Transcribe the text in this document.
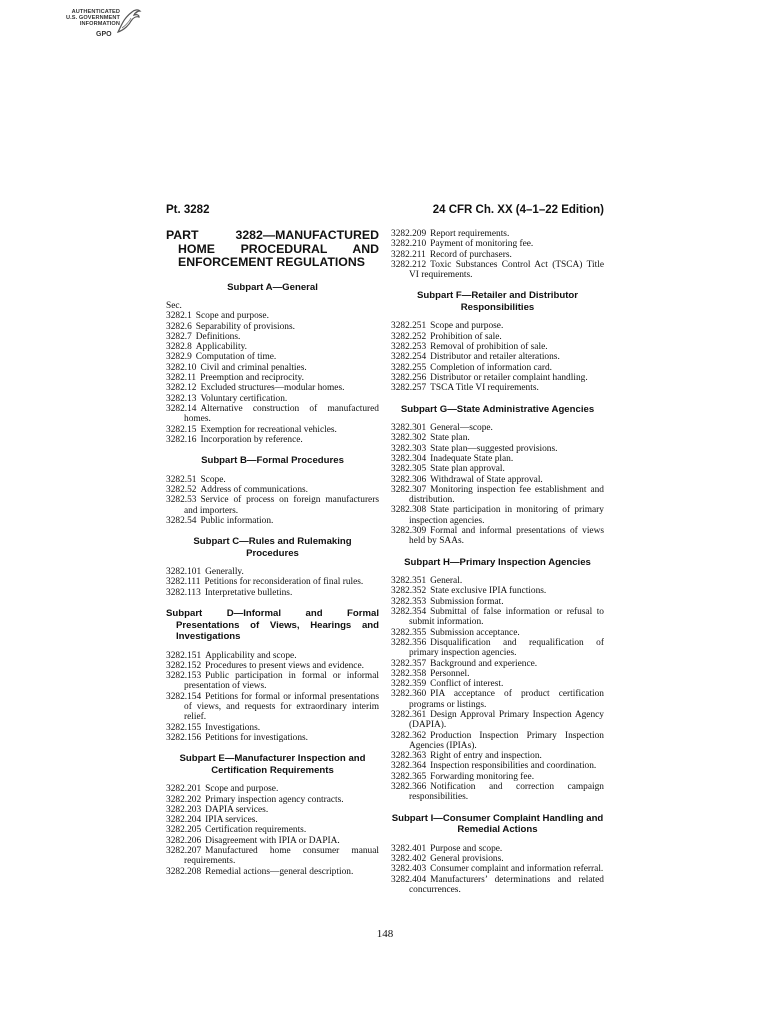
AUTHENTICATED
U.S. GOVERNMENT
INFORMATION
GPO
Pt. 3282	24 CFR Ch. XX (4–1–22 Edition)
PART 3282—MANUFACTURED HOME PROCEDURAL AND ENFORCEMENT REGULATIONS
Subpart A—General
Sec.
3282.1 Scope and purpose.
3282.6 Separability of provisions.
3282.7 Definitions.
3282.8 Applicability.
3282.9 Computation of time.
3282.10 Civil and criminal penalties.
3282.11 Preemption and reciprocity.
3282.12 Excluded structures—modular homes.
3282.13 Voluntary certification.
3282.14 Alternative construction of manufactured homes.
3282.15 Exemption for recreational vehicles.
3282.16 Incorporation by reference.
Subpart B—Formal Procedures
3282.51 Scope.
3282.52 Address of communications.
3282.53 Service of process on foreign manufacturers and importers.
3282.54 Public information.
Subpart C—Rules and Rulemaking Procedures
3282.101 Generally.
3282.111 Petitions for reconsideration of final rules.
3282.113 Interpretative bulletins.
Subpart D—Informal and Formal Presentations of Views, Hearings and Investigations
3282.151 Applicability and scope.
3282.152 Procedures to present views and evidence.
3282.153 Public participation in formal or informal presentation of views.
3282.154 Petitions for formal or informal presentations of views, and requests for extraordinary interim relief.
3282.155 Investigations.
3282.156 Petitions for investigations.
Subpart E—Manufacturer Inspection and Certification Requirements
3282.201 Scope and purpose.
3282.202 Primary inspection agency contracts.
3282.203 DAPIA services.
3282.204 IPIA services.
3282.205 Certification requirements.
3282.206 Disagreement with IPIA or DAPIA.
3282.207 Manufactured home consumer manual requirements.
3282.208 Remedial actions—general description.
3282.209 Report requirements.
3282.210 Payment of monitoring fee.
3282.211 Record of purchasers.
3282.212 Toxic Substances Control Act (TSCA) Title VI requirements.
Subpart F—Retailer and Distributor Responsibilities
3282.251 Scope and purpose.
3282.252 Prohibition of sale.
3282.253 Removal of prohibition of sale.
3282.254 Distributor and retailer alterations.
3282.255 Completion of information card.
3282.256 Distributor or retailer complaint handling.
3282.257 TSCA Title VI requirements.
Subpart G—State Administrative Agencies
3282.301 General—scope.
3282.302 State plan.
3282.303 State plan—suggested provisions.
3282.304 Inadequate State plan.
3282.305 State plan approval.
3282.306 Withdrawal of State approval.
3282.307 Monitoring inspection fee establishment and distribution.
3282.308 State participation in monitoring of primary inspection agencies.
3282.309 Formal and informal presentations of views held by SAAs.
Subpart H—Primary Inspection Agencies
3282.351 General.
3282.352 State exclusive IPIA functions.
3282.353 Submission format.
3282.354 Submittal of false information or refusal to submit information.
3282.355 Submission acceptance.
3282.356 Disqualification and requalification of primary inspection agencies.
3282.357 Background and experience.
3282.358 Personnel.
3282.359 Conflict of interest.
3282.360 PIA acceptance of product certification programs or listings.
3282.361 Design Approval Primary Inspection Agency (DAPIA).
3282.362 Production Inspection Primary Inspection Agencies (IPIAs).
3282.363 Right of entry and inspection.
3282.364 Inspection responsibilities and coordination.
3282.365 Forwarding monitoring fee.
3282.366 Notification and correction campaign responsibilities.
Subpart I—Consumer Complaint Handling and Remedial Actions
3282.401 Purpose and scope.
3282.402 General provisions.
3282.403 Consumer complaint and information referral.
3282.404 Manufacturers’ determinations and related concurrences.
148
